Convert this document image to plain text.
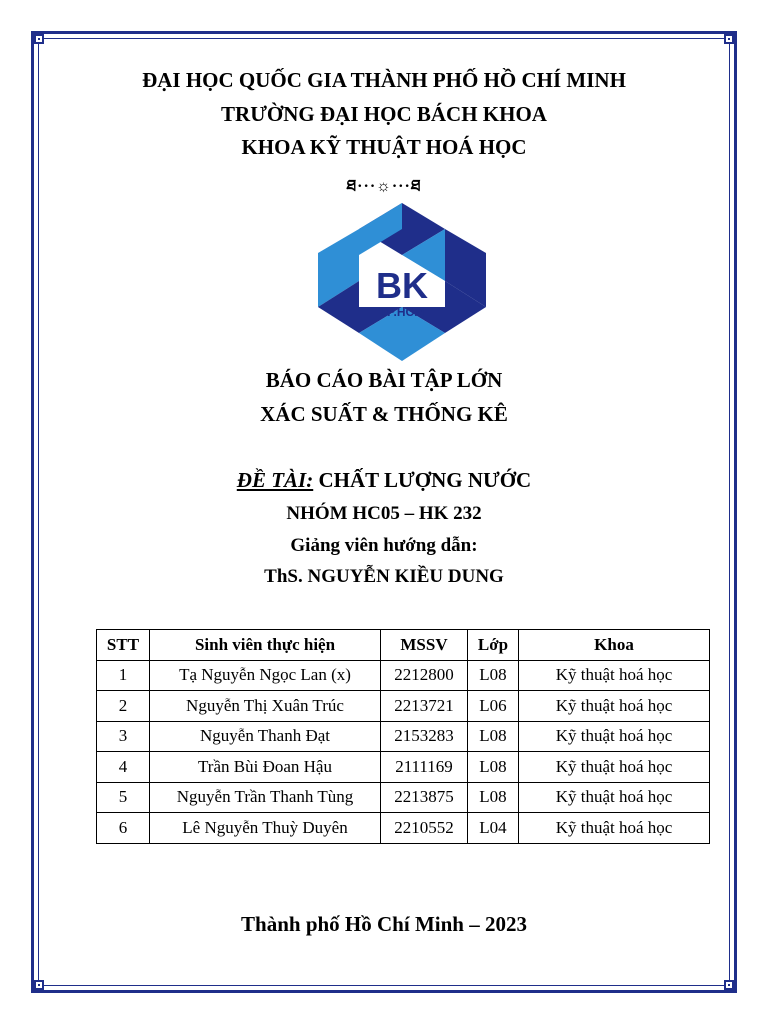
ĐẠI HỌC QUỐC GIA THÀNH PHỐ HỒ CHÍ MINH
TRƯỜNG ĐẠI HỌC BÁCH KHOA
KHOA KỸ THUẬT HOÁ HỌC
ཐ···☼···ཐ
BK
TP.HCM
BÁO CÁO BÀI TẬP LỚN
XÁC SUẤT & THỐNG KÊ
ĐỀ TÀI: CHẤT LƯỢNG NƯỚC
NHÓM HC05 – HK 232
Giảng viên hướng dẫn:
ThS. NGUYỄN KIỀU DUNG
STT	Sinh viên thực hiện	MSSV	Lớp	Khoa
1	Tạ Nguyễn Ngọc Lan (x)	2212800	L08	Kỹ thuật hoá học
2	Nguyễn Thị Xuân Trúc	2213721	L06	Kỹ thuật hoá học
3	Nguyễn Thanh Đạt	2153283	L08	Kỹ thuật hoá học
4	Trần Bùi Đoan Hậu	2111169	L08	Kỹ thuật hoá học
5	Nguyễn Trần Thanh Tùng	2213875	L08	Kỹ thuật hoá học
6	Lê Nguyễn Thuỳ Duyên	2210552	L04	Kỹ thuật hoá học
Thành phố Hồ Chí Minh – 2023
